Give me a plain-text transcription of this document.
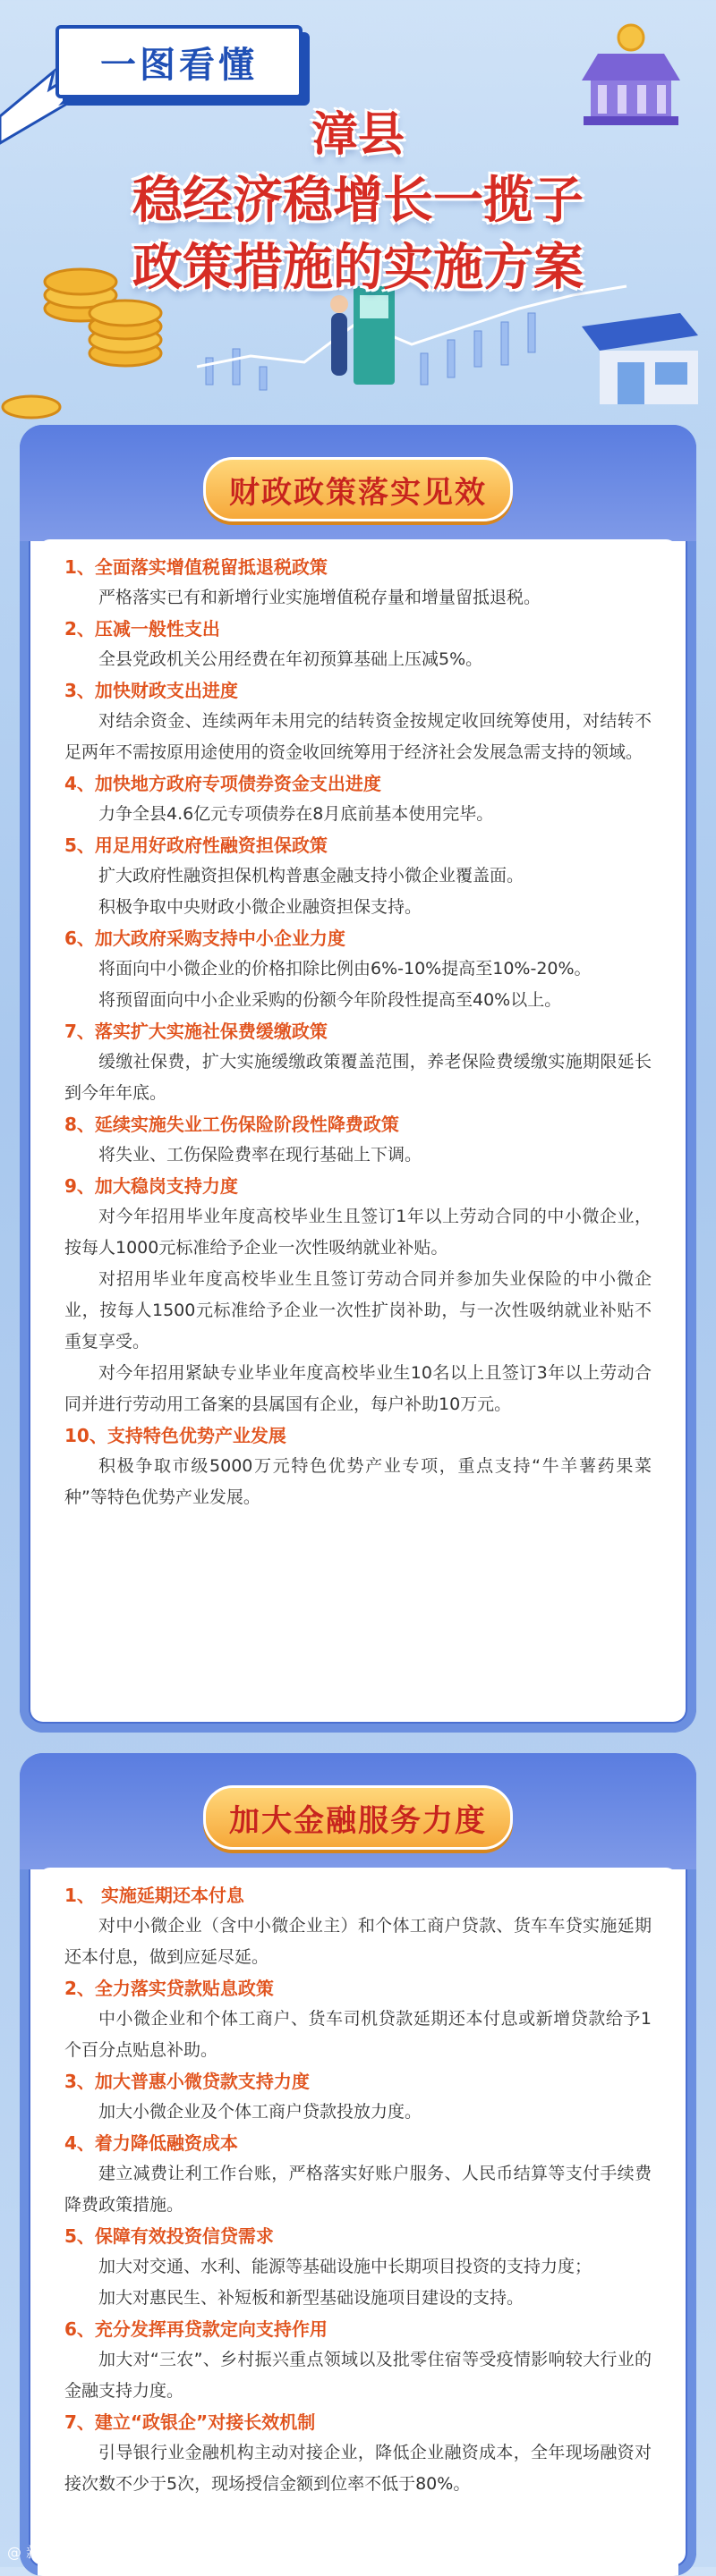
一图看懂
漳县
稳经济稳增长一揽子
政策措施的实施方案
财政政策落实见效
1、全面落实增值税留抵退税政策

严格落实已有和新增行业实施增值税存量和增量留抵退税。

2、压减一般性支出

全县党政机关公用经费在年初预算基础上压减5%。

3、加快财政支出进度

对结余资金、连续两年未用完的结转资金按规定收回统筹使用，对结转不足两年不需按原用途使用的资金收回统筹用于经济社会发展急需支持的领域。

4、加快地方政府专项债券资金支出进度

力争全县4.6亿元专项债券在8月底前基本使用完毕。

5、用足用好政府性融资担保政策

扩大政府性融资担保机构普惠金融支持小微企业覆盖面。

积极争取中央财政小微企业融资担保支持。

6、加大政府采购支持中小企业力度

将面向中小微企业的价格扣除比例由6%-10%提高至10%-20%。

将预留面向中小企业采购的份额今年阶段性提高至40%以上。

7、落实扩大实施社保费缓缴政策

缓缴社保费，扩大实施缓缴政策覆盖范围，养老保险费缓缴实施期限延长到今年年底。

8、延续实施失业工伤保险阶段性降费政策

将失业、工伤保险费率在现行基础上下调。

9、加大稳岗支持力度

对今年招用毕业年度高校毕业生且签订1年以上劳动合同的中小微企业，按每人1000元标准给予企业一次性吸纳就业补贴。

对招用毕业年度高校毕业生且签订劳动合同并参加失业保险的中小微企业，按每人1500元标准给予企业一次性扩岗补助，与一次性吸纳就业补贴不重复享受。

对今年招用紧缺专业毕业年度高校毕业生10名以上且签订3年以上劳动合同并进行劳动用工备案的县属国有企业，每户补助10万元。

10、支持特色优势产业发展

积极争取市级5000万元特色优势产业专项，重点支持“牛羊薯药果菜种”等特色优势产业发展。

加大金融服务力度
1、 实施延期还本付息

对中小微企业（含中小微企业主）和个体工商户贷款、货车车贷实施延期还本付息，做到应延尽延。

2、全力落实贷款贴息政策

中小微企业和个体工商户、货车司机贷款延期还本付息或新增贷款给予1个百分点贴息补助。

3、加大普惠小微贷款支持力度

加大小微企业及个体工商户贷款投放力度。

4、着力降低融资成本

建立减费让利工作台账，严格落实好账户服务、人民币结算等支付手续费降费政策措施。

5、保障有效投资信贷需求

加大对交通、水利、能源等基础设施中长期项目投资的支持力度；

加大对惠民生、补短板和新型基础设施项目建设的支持。

6、充分发挥再贷款定向支持作用

加大对“三农”、乡村振兴重点领域以及批零住宿等受疫情影响较大行业的金融支持力度。

7、建立“政银企”对接长效机制

引导银行业金融机构主动对接企业，降低企业融资成本，全年现场融资对接次数不少于5次，现场授信金额到位率不低于80%。

@ 新浪
